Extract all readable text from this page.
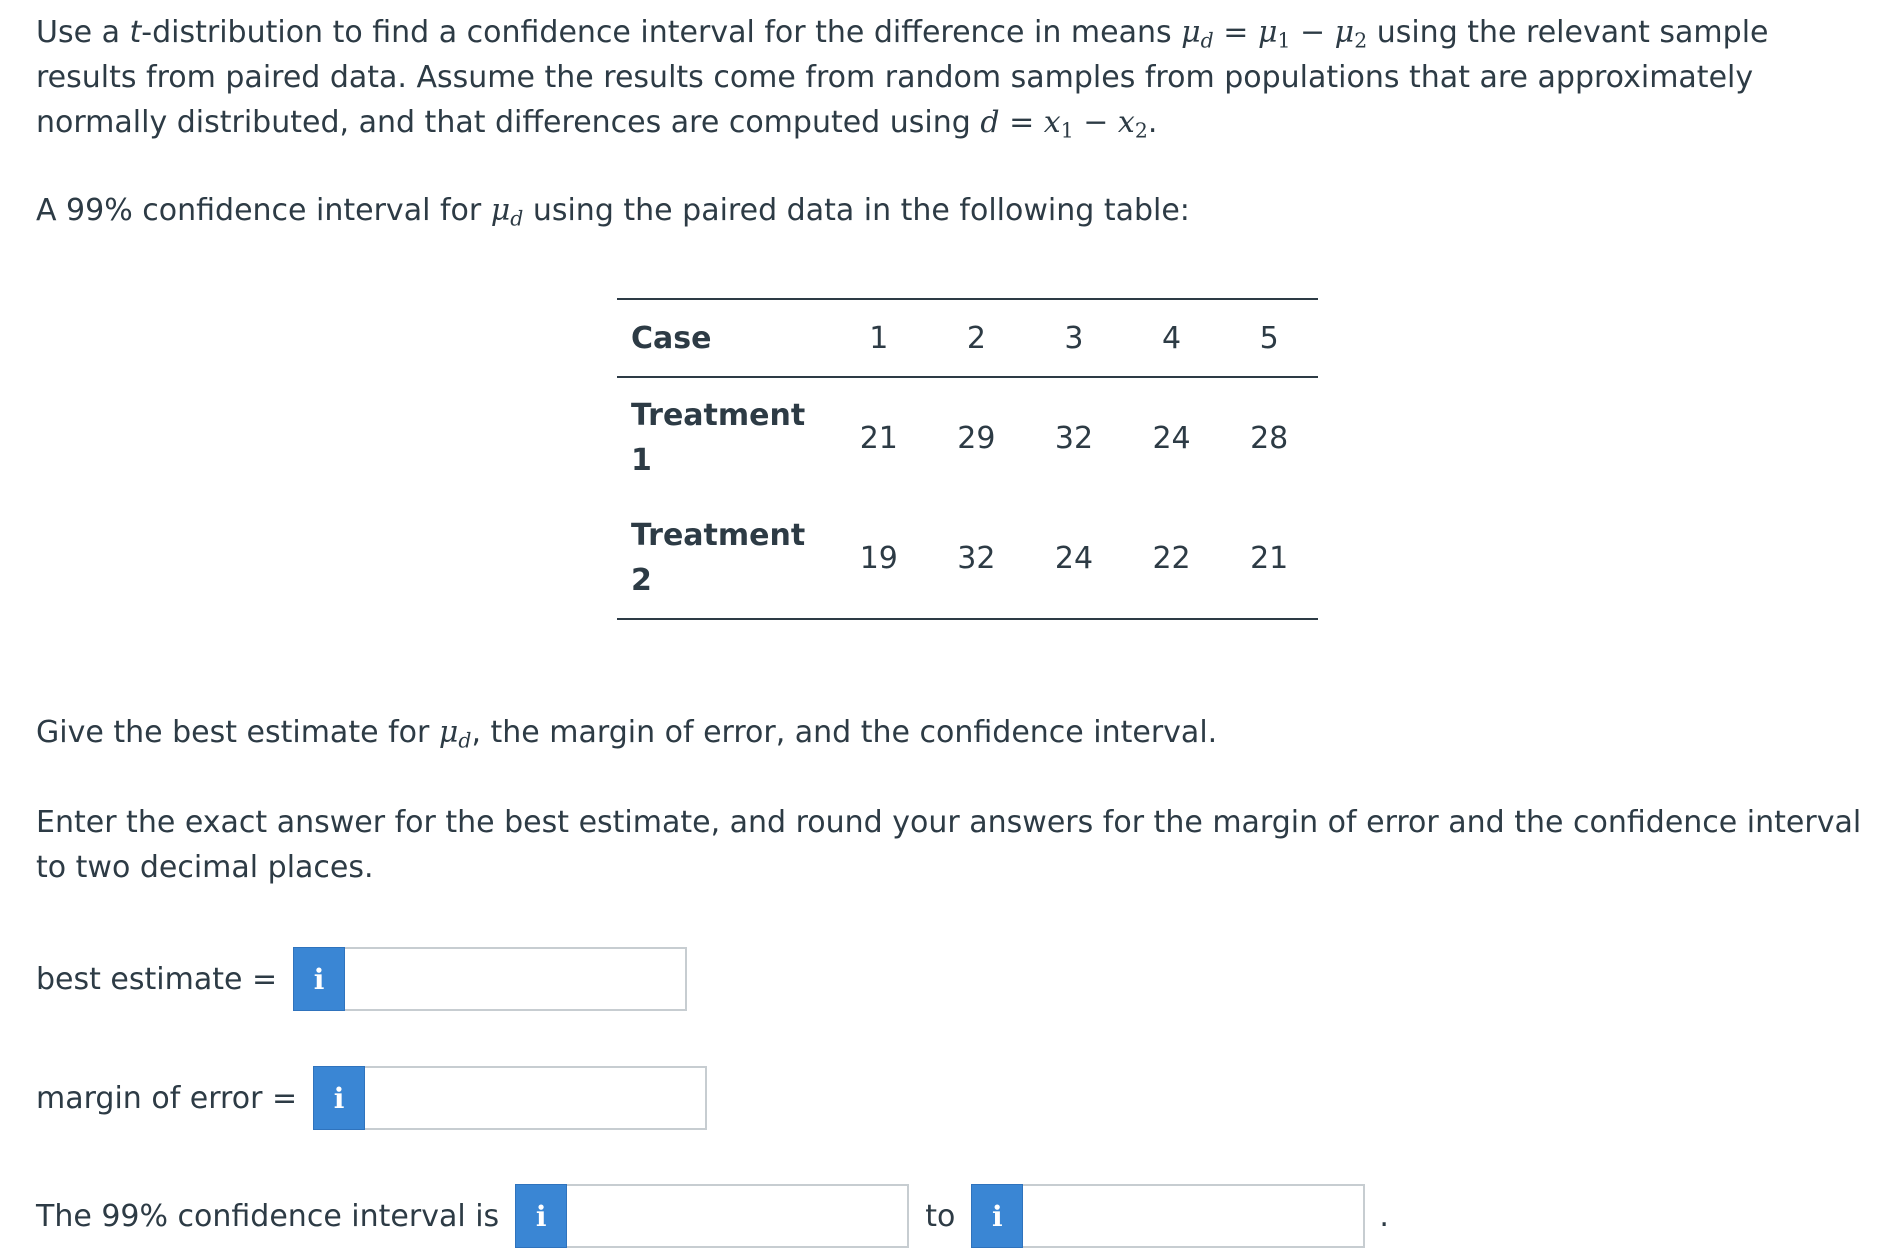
Use a t-distribution to find a confidence interval for the difference in means $\mu_d = \mu_1 - \mu_2$ using the relevant sample results from paired data. Assume the results come from random samples from populations that are approximately normally distributed, and that differences are computed using $d = x_1 - x_2$.

A 99% confidence interval for $\mu_d$ using the paired data in the following table:

Case	1	2	3	4	5
Treatment
1	21	29	32	24	28
Treatment
2	19	32	24	22	21

Give the best estimate for $\mu_d$, the margin of error, and the confidence interval.

Enter the exact answer for the best estimate, and round your answers for the margin of error and the confidence interval to two decimal places.

best estimate =	i
margin of error =	i
The 99% confidence interval is	i	to	i	.
